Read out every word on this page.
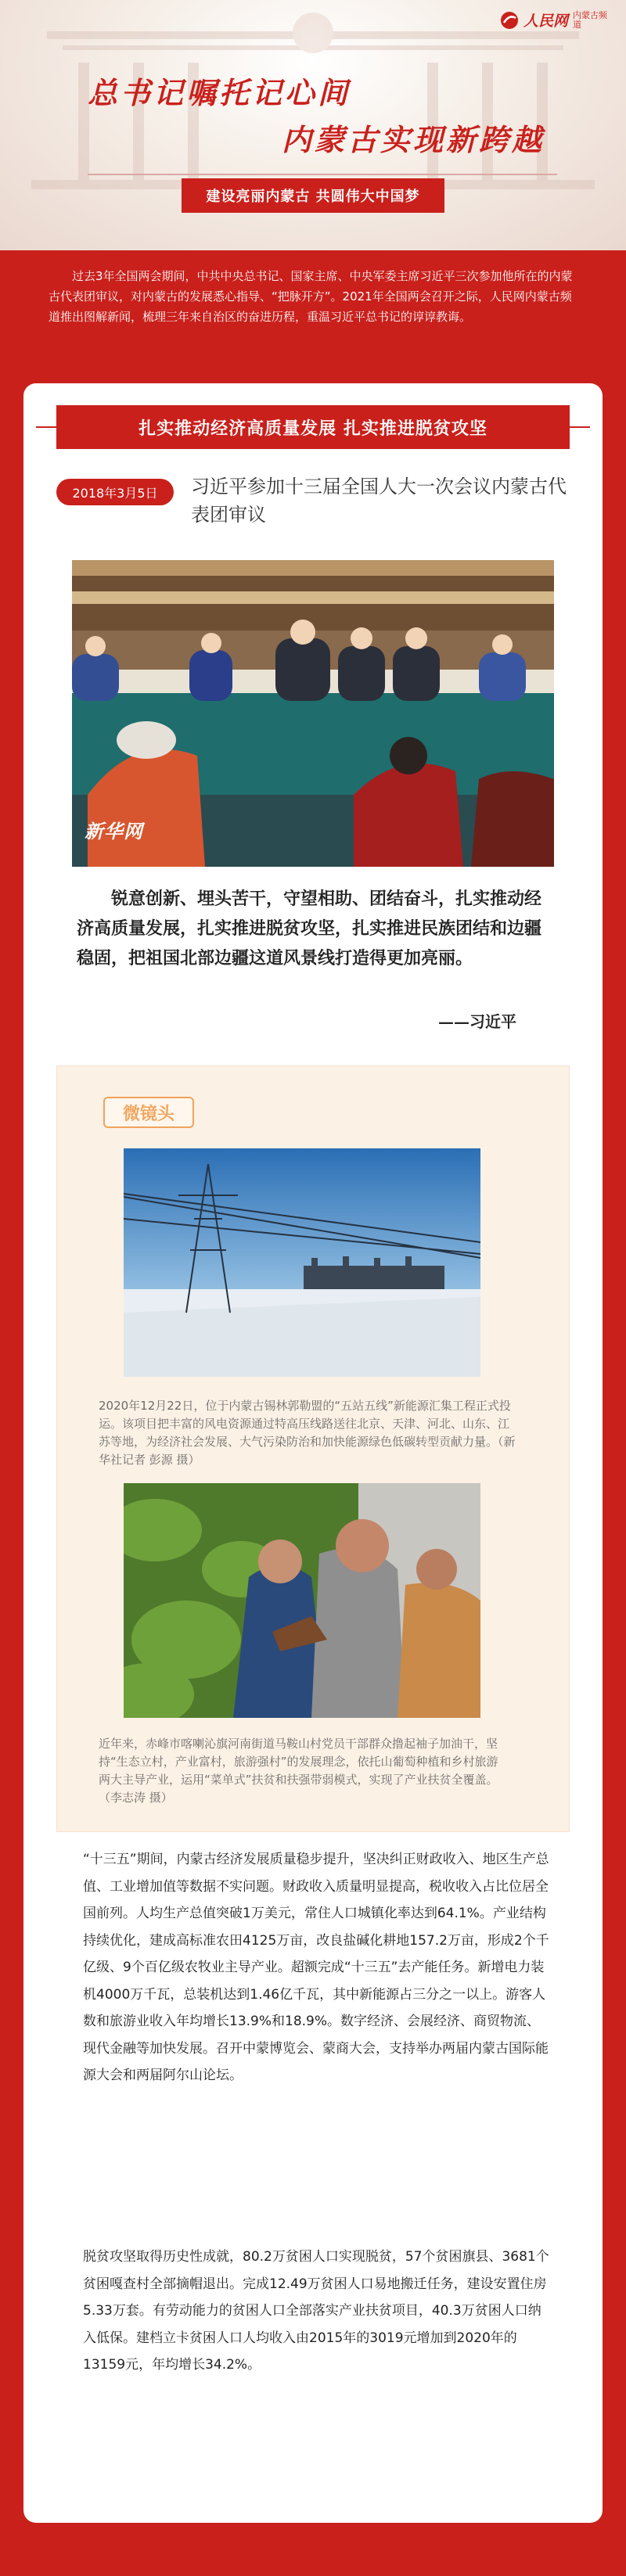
人民网 内蒙古频道
总书记嘱托记心间
内蒙古实现新跨越
建设亮丽内蒙古 共圆伟大中国梦
过去3年全国两会期间，中共中央总书记、国家主席、中央军委主席习近平三次参加他所在的内蒙古代表团审议，对内蒙古的发展悉心指导、“把脉开方”。2021年全国两会召开之际，人民网内蒙古频道推出图解新闻，梳理三年来自治区的奋进历程，重温习近平总书记的谆谆教诲。
扎实推动经济高质量发展 扎实推进脱贫攻坚
2018年3月5日	习近平参加十三届全国人大一次会议内蒙古代表团审议
新华网
锐意创新、埋头苦干，守望相助、团结奋斗，扎实推动经济高质量发展，扎实推进脱贫攻坚，扎实推进民族团结和边疆稳固，把祖国北部边疆这道风景线打造得更加亮丽。
——习近平
微镜头
2020年12月22日，位于内蒙古锡林郭勒盟的“五站五线”新能源汇集工程正式投运。该项目把丰富的风电资源通过特高压线路送往北京、天津、河北、山东、江苏等地，为经济社会发展、大气污染防治和加快能源绿色低碳转型贡献力量。（新华社记者 彭源 摄）
近年来，赤峰市喀喇沁旗河南街道马鞍山村党员干部群众撸起袖子加油干，坚持“生态立村，产业富村，旅游强村”的发展理念，依托山葡萄种植和乡村旅游两大主导产业，运用“菜单式”扶贫和扶强带弱模式，实现了产业扶贫全覆盖。（李志涛 摄）
“十三五”期间，内蒙古经济发展质量稳步提升，坚决纠正财政收入、地区生产总值、工业增加值等数据不实问题。财政收入质量明显提高，税收收入占比位居全国前列。人均生产总值突破1万美元，常住人口城镇化率达到64.1%。产业结构持续优化，建成高标准农田4125万亩，改良盐碱化耕地157.2万亩，形成2个千亿级、9个百亿级农牧业主导产业。超额完成“十三五”去产能任务。新增电力装机4000万千瓦，总装机达到1.46亿千瓦，其中新能源占三分之一以上。游客人数和旅游业收入年均增长13.9%和18.9%。数字经济、会展经济、商贸物流、现代金融等加快发展。召开中蒙博览会、蒙商大会，支持举办两届内蒙古国际能源大会和两届阿尔山论坛。
脱贫攻坚取得历史性成就，80.2万贫困人口实现脱贫，57个贫困旗县、3681个贫困嘎查村全部摘帽退出。完成12.49万贫困人口易地搬迁任务，建设安置住房5.33万套。有劳动能力的贫困人口全部落实产业扶贫项目，40.3万贫困人口纳入低保。建档立卡贫困人口人均收入由2015年的3019元增加到2020年的13159元，年均增长34.2%。
